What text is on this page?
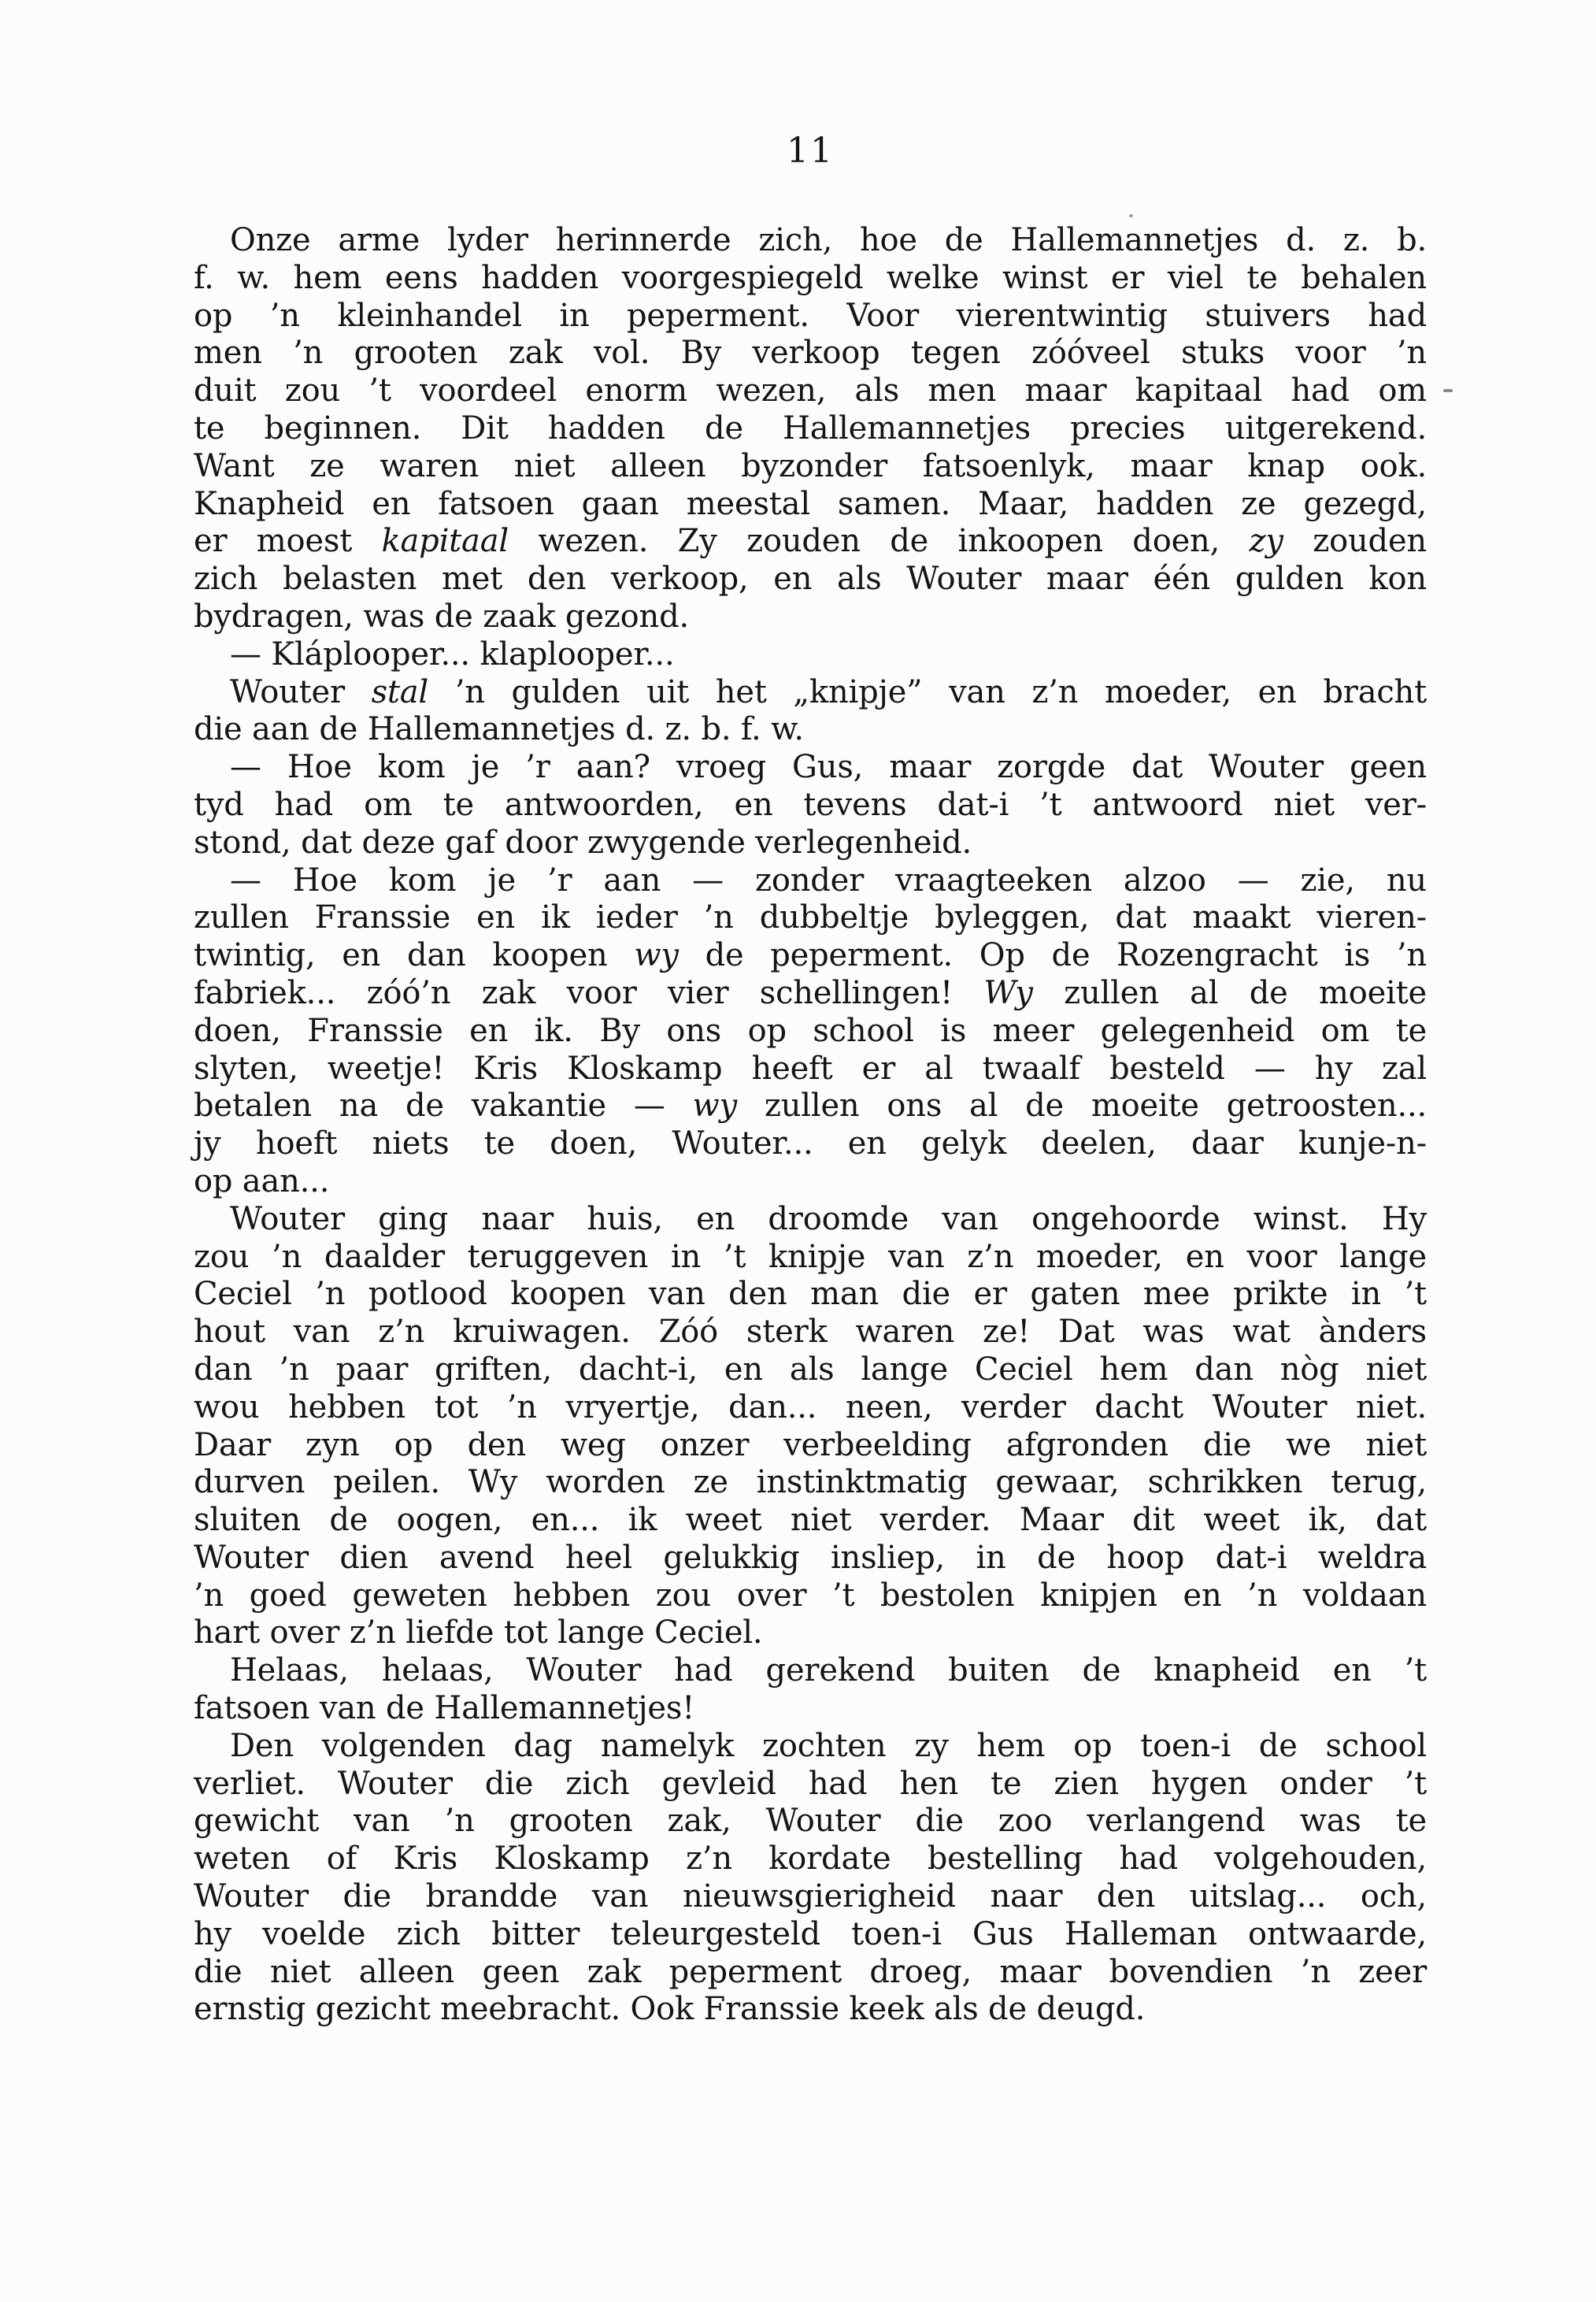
11
Onze arme lyder herinnerde zich, hoe de Hallemannetjes d. z. b.
f. w. hem eens hadden voorgespiegeld welke winst er viel te behalen
op ’n kleinhandel in peperment. Voor vierentwintig stuivers had
men ’n grooten zak vol. By verkoop tegen zóóveel stuks voor ’n
duit zou ’t voordeel enorm wezen, als men maar kapitaal had om
te beginnen. Dit hadden de Hallemannetjes precies uitgerekend.
Want ze waren niet alleen byzonder fatsoenlyk, maar knap ook.
Knapheid en fatsoen gaan meestal samen. Maar, hadden ze gezegd,
er moest kapitaal wezen. Zy zouden de inkoopen doen, zy zouden
zich belasten met den verkoop, en als Wouter maar één gulden kon
bydragen, was de zaak gezond.
— Kláplooper... klaplooper...
Wouter stal ’n gulden uit het „knipje” van z’n moeder, en bracht
die aan de Hallemannetjes d. z. b. f. w.
— Hoe kom je ’r aan? vroeg Gus, maar zorgde dat Wouter geen
tyd had om te antwoorden, en tevens dat-i ’t antwoord niet ver-
stond, dat deze gaf door zwygende verlegenheid.
— Hoe kom je ’r aan — zonder vraagteeken alzoo — zie, nu
zullen Franssie en ik ieder ’n dubbeltje byleggen, dat maakt vieren-
twintig, en dan koopen wy de peperment. Op de Rozengracht is ’n
fabriek... zóó’n zak voor vier schellingen! Wy zullen al de moeite
doen, Franssie en ik. By ons op school is meer gelegenheid om te
slyten, weetje! Kris Kloskamp heeft er al twaalf besteld — hy zal
betalen na de vakantie — wy zullen ons al de moeite getroosten...
jy hoeft niets te doen, Wouter... en gelyk deelen, daar kunje-n-
op aan...
Wouter ging naar huis, en droomde van ongehoorde winst. Hy
zou ’n daalder teruggeven in ’t knipje van z’n moeder, en voor lange
Ceciel ’n potlood koopen van den man die er gaten mee prikte in ’t
hout van z’n kruiwagen. Zóó sterk waren ze! Dat was wat ànders
dan ’n paar griften, dacht-i, en als lange Ceciel hem dan nòg niet
wou hebben tot ’n vryertje, dan... neen, verder dacht Wouter niet.
Daar zyn op den weg onzer verbeelding afgronden die we niet
durven peilen. Wy worden ze instinktmatig gewaar, schrikken terug,
sluiten de oogen, en... ik weet niet verder. Maar dit weet ik, dat
Wouter dien avend heel gelukkig insliep, in de hoop dat-i weldra
’n goed geweten hebben zou over ’t bestolen knipjen en ’n voldaan
hart over z’n liefde tot lange Ceciel.
Helaas, helaas, Wouter had gerekend buiten de knapheid en ’t
fatsoen van de Hallemannetjes!
Den volgenden dag namelyk zochten zy hem op toen-i de school
verliet. Wouter die zich gevleid had hen te zien hygen onder ’t
gewicht van ’n grooten zak, Wouter die zoo verlangend was te
weten of Kris Kloskamp z’n kordate bestelling had volgehouden,
Wouter die brandde van nieuwsgierigheid naar den uitslag... och,
hy voelde zich bitter teleurgesteld toen-i Gus Halleman ontwaarde,
die niet alleen geen zak peperment droeg, maar bovendien ’n zeer
ernstig gezicht meebracht. Ook Franssie keek als de deugd.
